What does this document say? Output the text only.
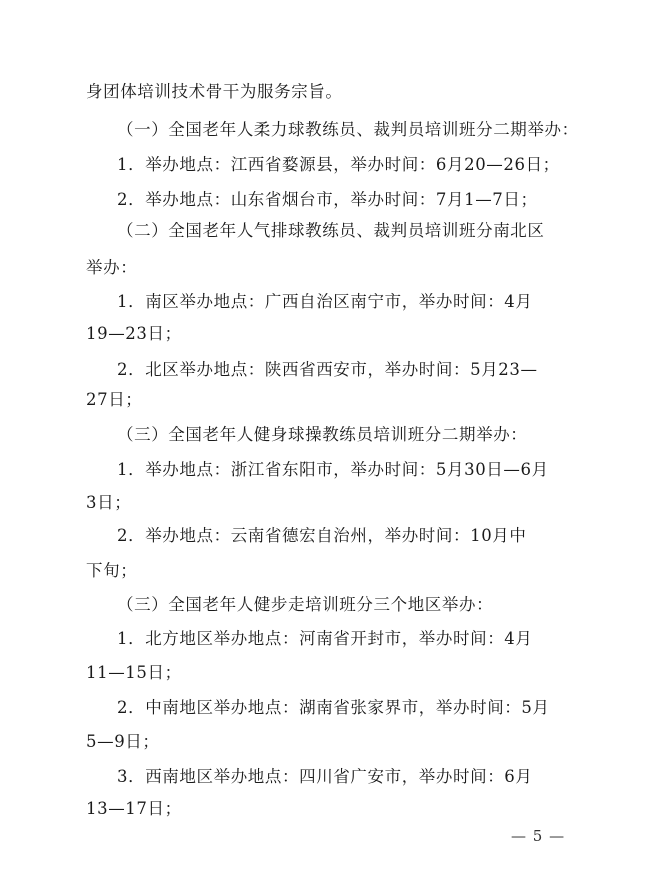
身团体培训技术骨干为服务宗旨。
（一）全国老年人柔力球教练员、裁判员培训班分二期举办：
1．举办地点：江西省婺源县，举办时间：6月20—26日；
2．举办地点：山东省烟台市，举办时间：7月1—7日；
（二）全国老年人气排球教练员、裁判员培训班分南北区
举办：
1．南区举办地点：广西自治区南宁市，举办时间：4月
19—23日；
2．北区举办地点：陕西省西安市，举办时间：5月23—
27日；
（三）全国老年人健身球操教练员培训班分二期举办：
1．举办地点：浙江省东阳市，举办时间：5月30日—6月
3日；
2．举办地点：云南省德宏自治州，举办时间：10月中
下旬；
（三）全国老年人健步走培训班分三个地区举办：
1．北方地区举办地点：河南省开封市，举办时间：4月
11—15日；
2．中南地区举办地点：湖南省张家界市，举办时间：5月
5—9日；
3．西南地区举办地点：四川省广安市，举办时间：6月
13—17日；
— 5 —
